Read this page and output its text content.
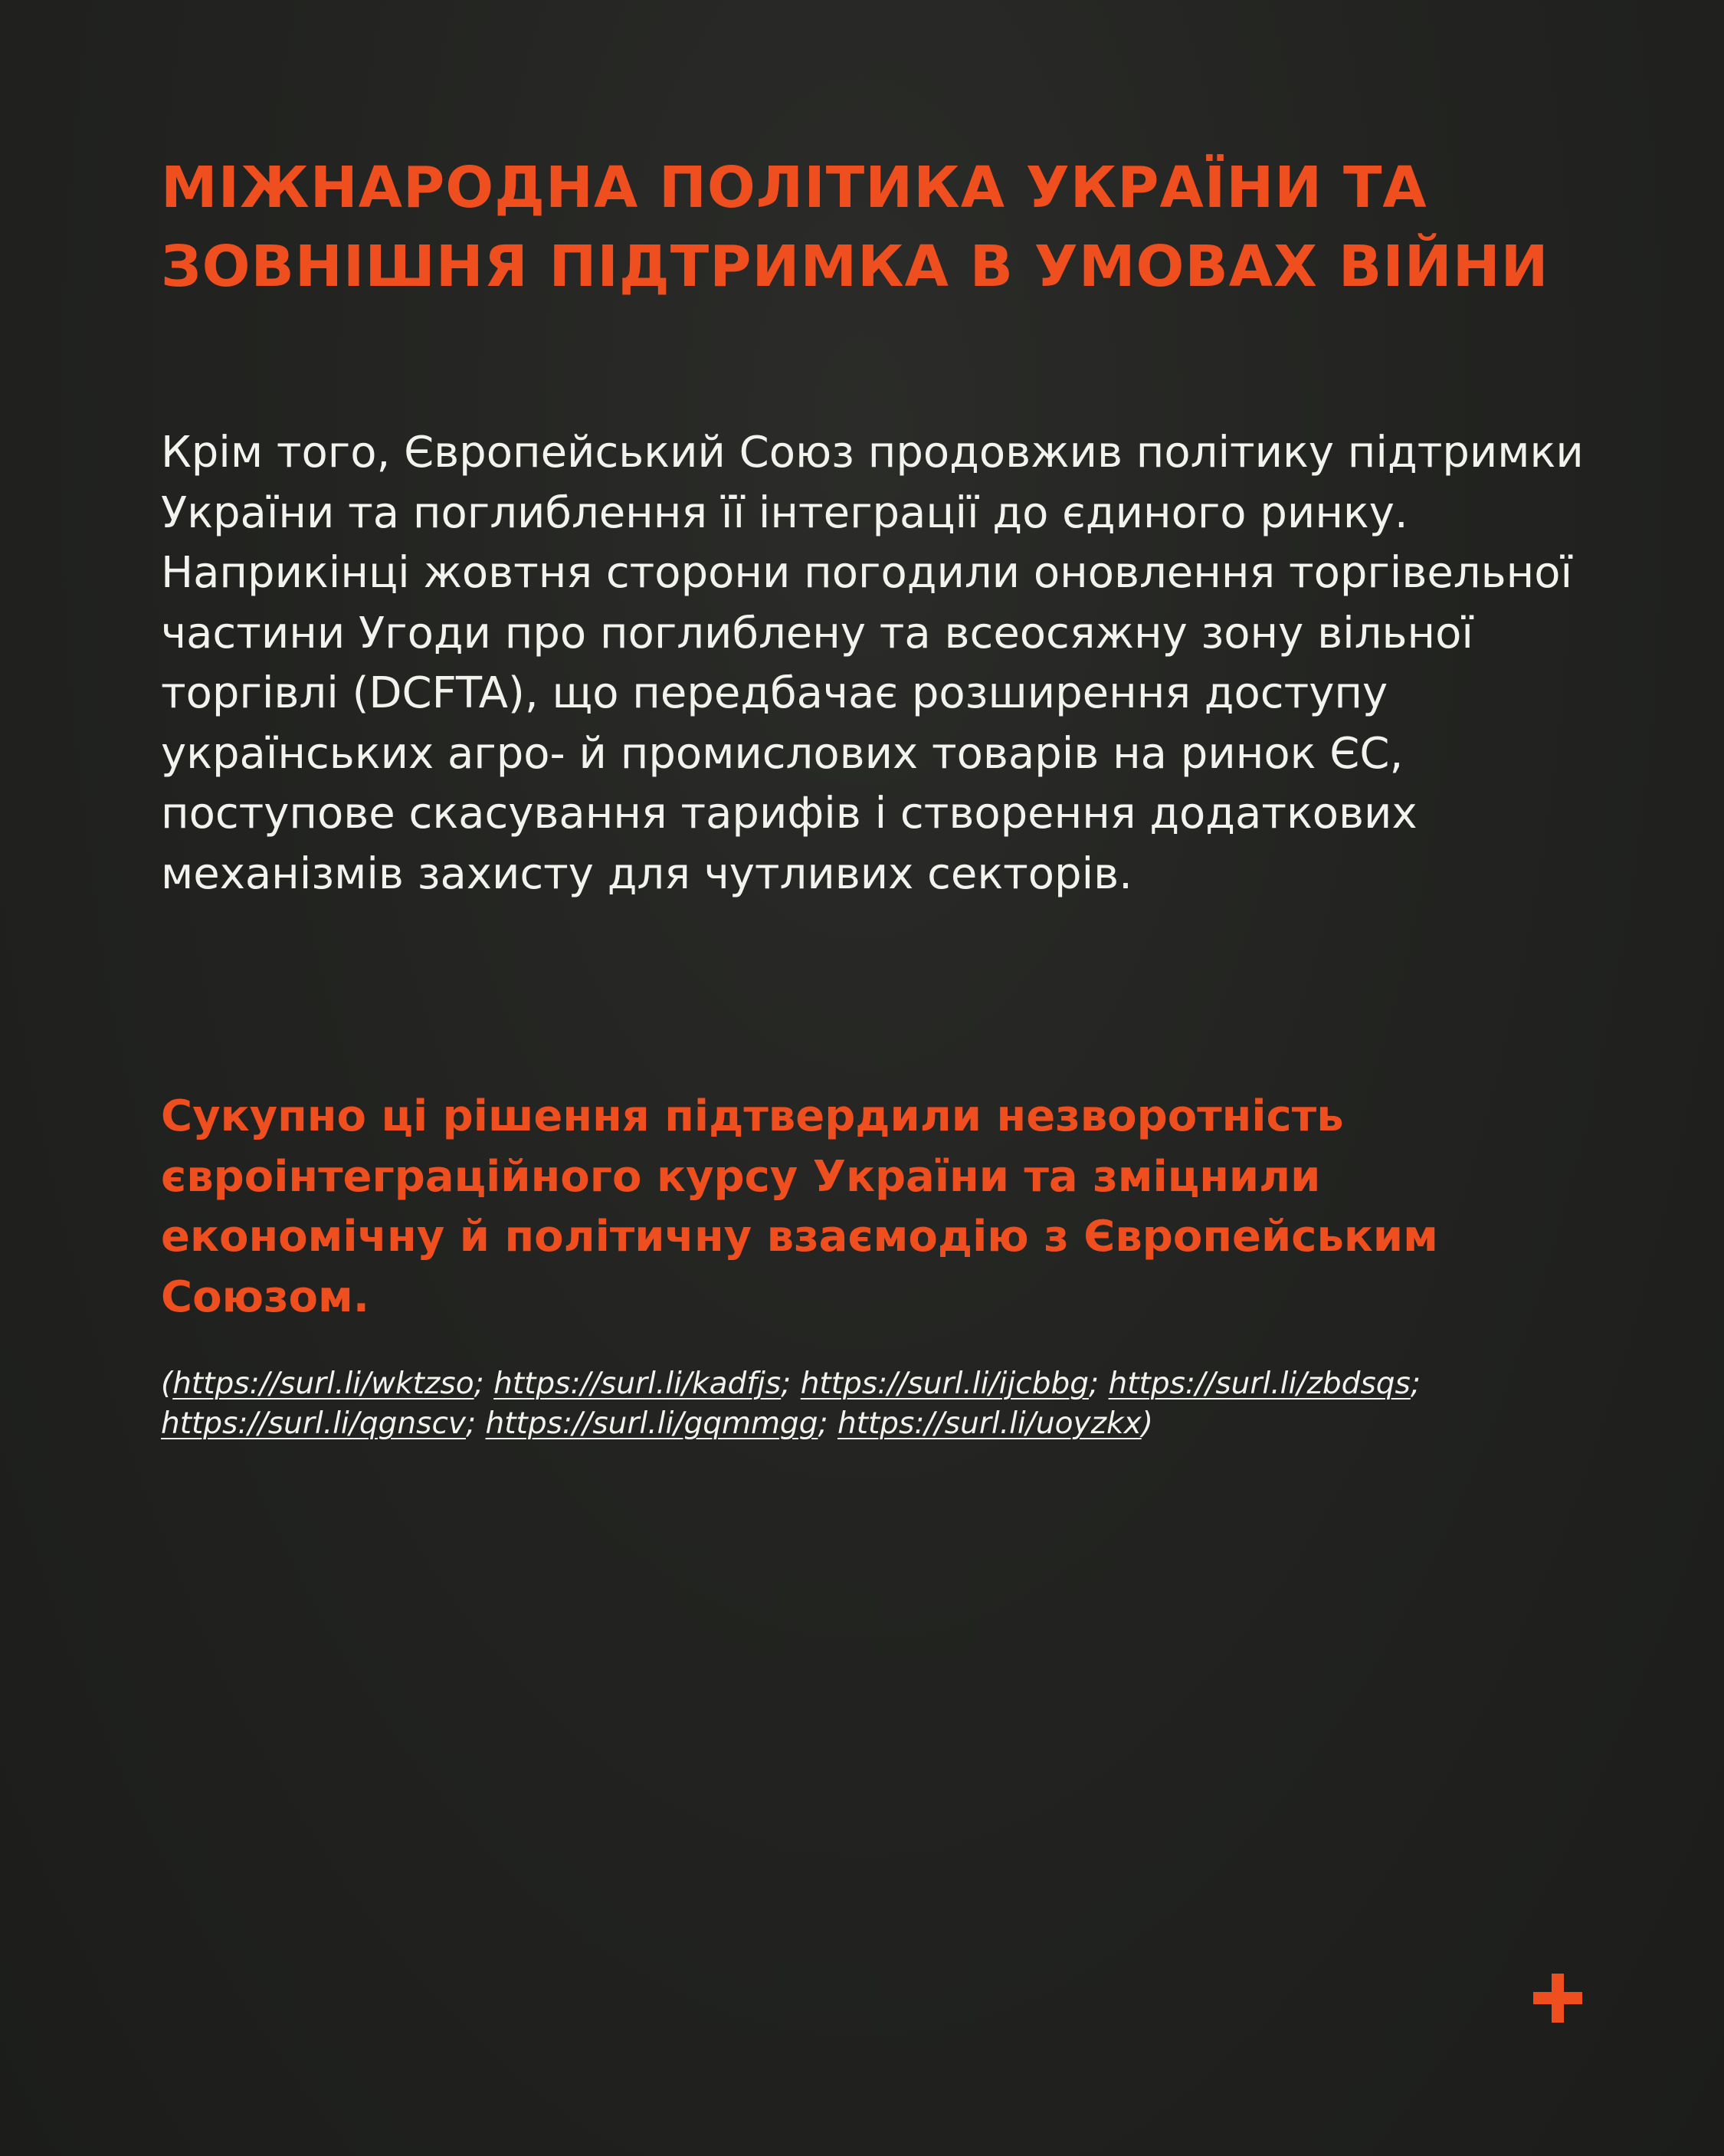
МІЖНАРОДНА ПОЛІТИКА УКРАЇНИ ТА
ЗОВНІШНЯ ПІДТРИМКА В УМОВАХ ВІЙНИ

Крім того, Європейський Союз продовжив політику підтримки України та поглиблення її інтеграції до єдиного ринку. Наприкінці жовтня сторони погодили оновлення торгівельної частини Угоди про поглиблену та всеосяжну зону вільної торгівлі (DCFTA), що передбачає розширення доступу українських агро- й промислових товарів на ринок ЄС, поступове скасування тарифів і створення додаткових механізмів захисту для чутливих секторів.

Сукупно ці рішення підтвердили незворотність євроінтеграційного курсу України та зміцнили економічну й політичну взаємодію з Європейським Союзом.

(https://surl.li/wktzso; https://surl.li/kadfjs; https://surl.li/ijcbbg; https://surl.li/zbdsqs;
https://surl.li/qgnscv; https://surl.li/gqmmgg; https://surl.li/uoyzkx)
